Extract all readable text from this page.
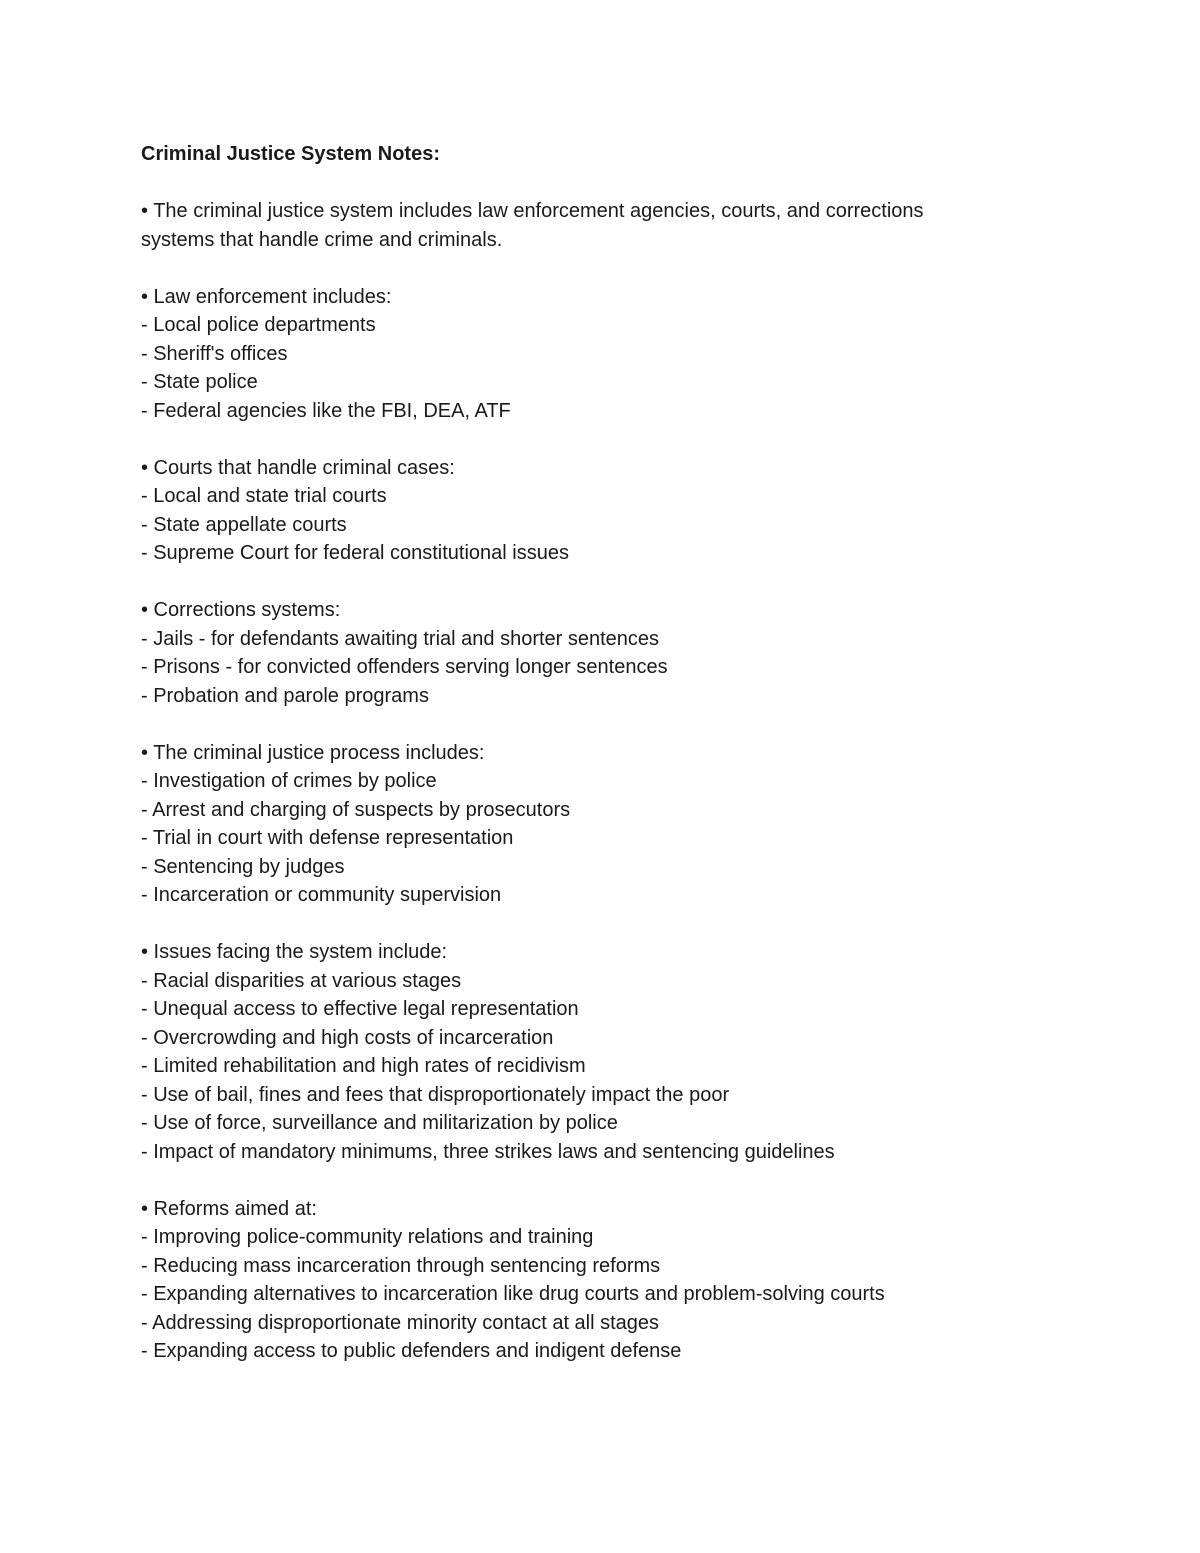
Criminal Justice System Notes:

• The criminal justice system includes law enforcement agencies, courts, and corrections systems that handle crime and criminals.

• Law enforcement includes:

- Local police departments

- Sheriff's offices

- State police

- Federal agencies like the FBI, DEA, ATF

• Courts that handle criminal cases:

- Local and state trial courts

- State appellate courts

- Supreme Court for federal constitutional issues

• Corrections systems:

- Jails - for defendants awaiting trial and shorter sentences

- Prisons - for convicted offenders serving longer sentences

- Probation and parole programs

• The criminal justice process includes:

- Investigation of crimes by police

- Arrest and charging of suspects by prosecutors

- Trial in court with defense representation

- Sentencing by judges

- Incarceration or community supervision

• Issues facing the system include:

- Racial disparities at various stages

- Unequal access to effective legal representation

- Overcrowding and high costs of incarceration

- Limited rehabilitation and high rates of recidivism

- Use of bail, fines and fees that disproportionately impact the poor

- Use of force, surveillance and militarization by police

- Impact of mandatory minimums, three strikes laws and sentencing guidelines

• Reforms aimed at:

- Improving police-community relations and training

- Reducing mass incarceration through sentencing reforms

- Expanding alternatives to incarceration like drug courts and problem-solving courts

- Addressing disproportionate minority contact at all stages

- Expanding access to public defenders and indigent defense
